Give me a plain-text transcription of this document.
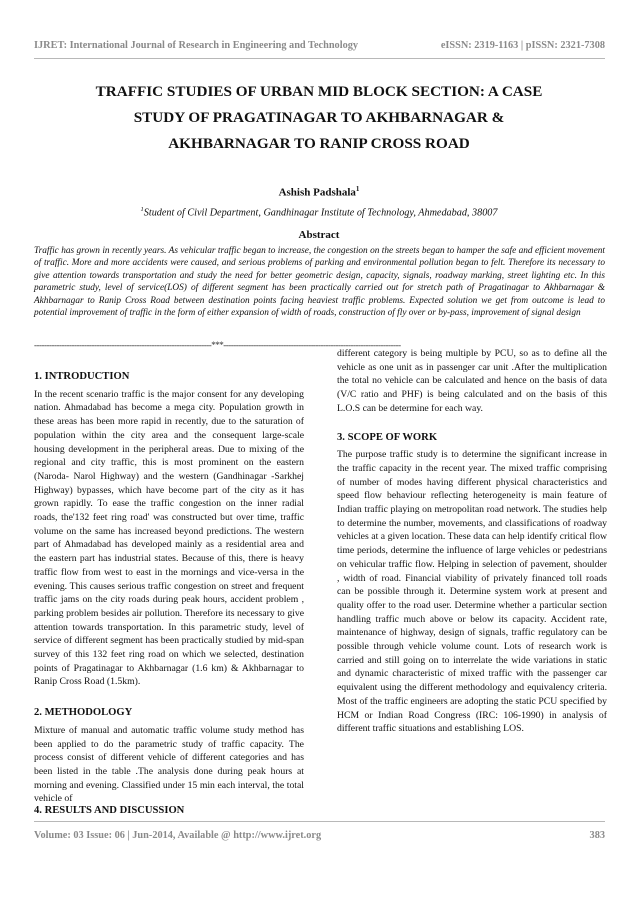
IJRET: International Journal of Research in Engineering and Technology	eISSN: 2319-1163 | pISSN: 2321-7308
TRAFFIC STUDIES OF URBAN MID BLOCK SECTION: A CASE
STUDY OF PRAGATINAGAR TO AKHBARNAGAR &
AKHBARNAGAR TO RANIP CROSS ROAD
Ashish Padshala$^1$
$^1$Student of Civil Department, Gandhinagar Institute of Technology, Ahmedabad, 38007
Abstract
Traffic has grown in recently years. As vehicular traffic began to increase, the congestion on the streets began to hamper the safe and efficient movement of traffic. More and more accidents were caused, and serious problems of parking and environmental pollution began to felt. Therefore its necessary to give attention towards transportation and study the need for better geometric design, capacity, signals, roadway marking, street lighting etc. In this parametric study, level of service(LOS) of different segment has been practically carried out for stretch path of Pragatinagar to Akhbarnagar & Akhbarnagar to Ranip Cross Road between destination points facing heaviest traffic problems. Expected solution we get from outcome is lead to potential improvement of traffic in the form of either expansion of width of roads, construction of fly over or by-pass, improvement of signal design
-----------------------------------------------------------------------***-----------------------------------------------------------------------
1. INTRODUCTION

In the recent scenario traffic is the major consent for any developing nation. Ahmadabad has become a mega city. Population growth in these areas has been more rapid in recently, due to the saturation of population within the city area and the consequent large-scale housing development in the peripheral areas. Due to mixing of the regional and city traffic, this is most prominent on the eastern (Naroda- Narol Highway) and the western (Gandhinagar -Sarkhej Highway) bypasses, which have become part of the city as it has grown rapidly. To ease the traffic congestion on the inner radial roads, the'132 feet ring road' was constructed but over time, traffic volume on the same has increased beyond predictions. The western part of Ahmadabad has developed mainly as a residential area and the eastern part has industrial states. Because of this, there is heavy traffic flow from west to east in the mornings and vice-versa in the evening. This causes serious traffic congestion on street and frequent traffic jams on the city roads during peak hours, accident problem , parking problem besides air pollution. Therefore its necessary to give attention towards transportation. In this parametric study, level of service of different segment has been practically studied by mid-span survey of this 132 feet ring road on which we selected, destination points of Pragatinagar to Akhbarnagar (1.6 km) & Akhbarnagar to Ranip Cross Road (1.5km).

2. METHODOLOGY

Mixture of manual and automatic traffic volume study method has been applied to do the parametric study of traffic capacity. The process consist of different vehicle of different categories and has been listed in the table .The analysis done during peak hours at morning and evening. Classified under 15 min each interval, the total vehicle of

4. RESULTS AND DISCUSSION

different category is being multiple by PCU, so as to define all the vehicle as one unit as in passenger car unit .After the multiplication the total no vehicle can be calculated and hence on the basis of data (V/C ratio and PHF) is being calculated and on the basis of this L.O.S can be determine for each way.

3. SCOPE OF WORK

The purpose traffic study is to determine the significant increase in the traffic capacity in the recent year. The mixed traffic comprising of number of modes having different physical characteristics and speed flow behaviour reflecting heterogeneity is main feature of Indian traffic playing on metropolitan road network. The studies help to determine the number, movements, and classifications of roadway vehicles at a given location. These data can help identify critical flow time periods, determine the influence of large vehicles or pedestrians on vehicular traffic flow. Helping in selection of pavement, shoulder , width of road. Financial viability of privately financed toll roads can be possible through it. Determine system work at present and quality offer to the road user. Determine whether a particular section handling traffic much above or below its capacity. Accident rate, maintenance of highway, design of signals, traffic regulatory can be possible through vehicle volume count. Lots of research work is carried and still going on to interrelate the wide variations in static and dynamic characteristic of mixed traffic with the passenger car equivalent using the different methodology and equivalency criteria. Most of the traffic engineers are adopting the static PCU specified by HCM or Indian Road Congress (IRC: 106-1990) in analysis of different traffic situations and establishing LOS.

Volume: 03 Issue: 06 | Jun-2014, Available @ http://www.ijret.org	383
